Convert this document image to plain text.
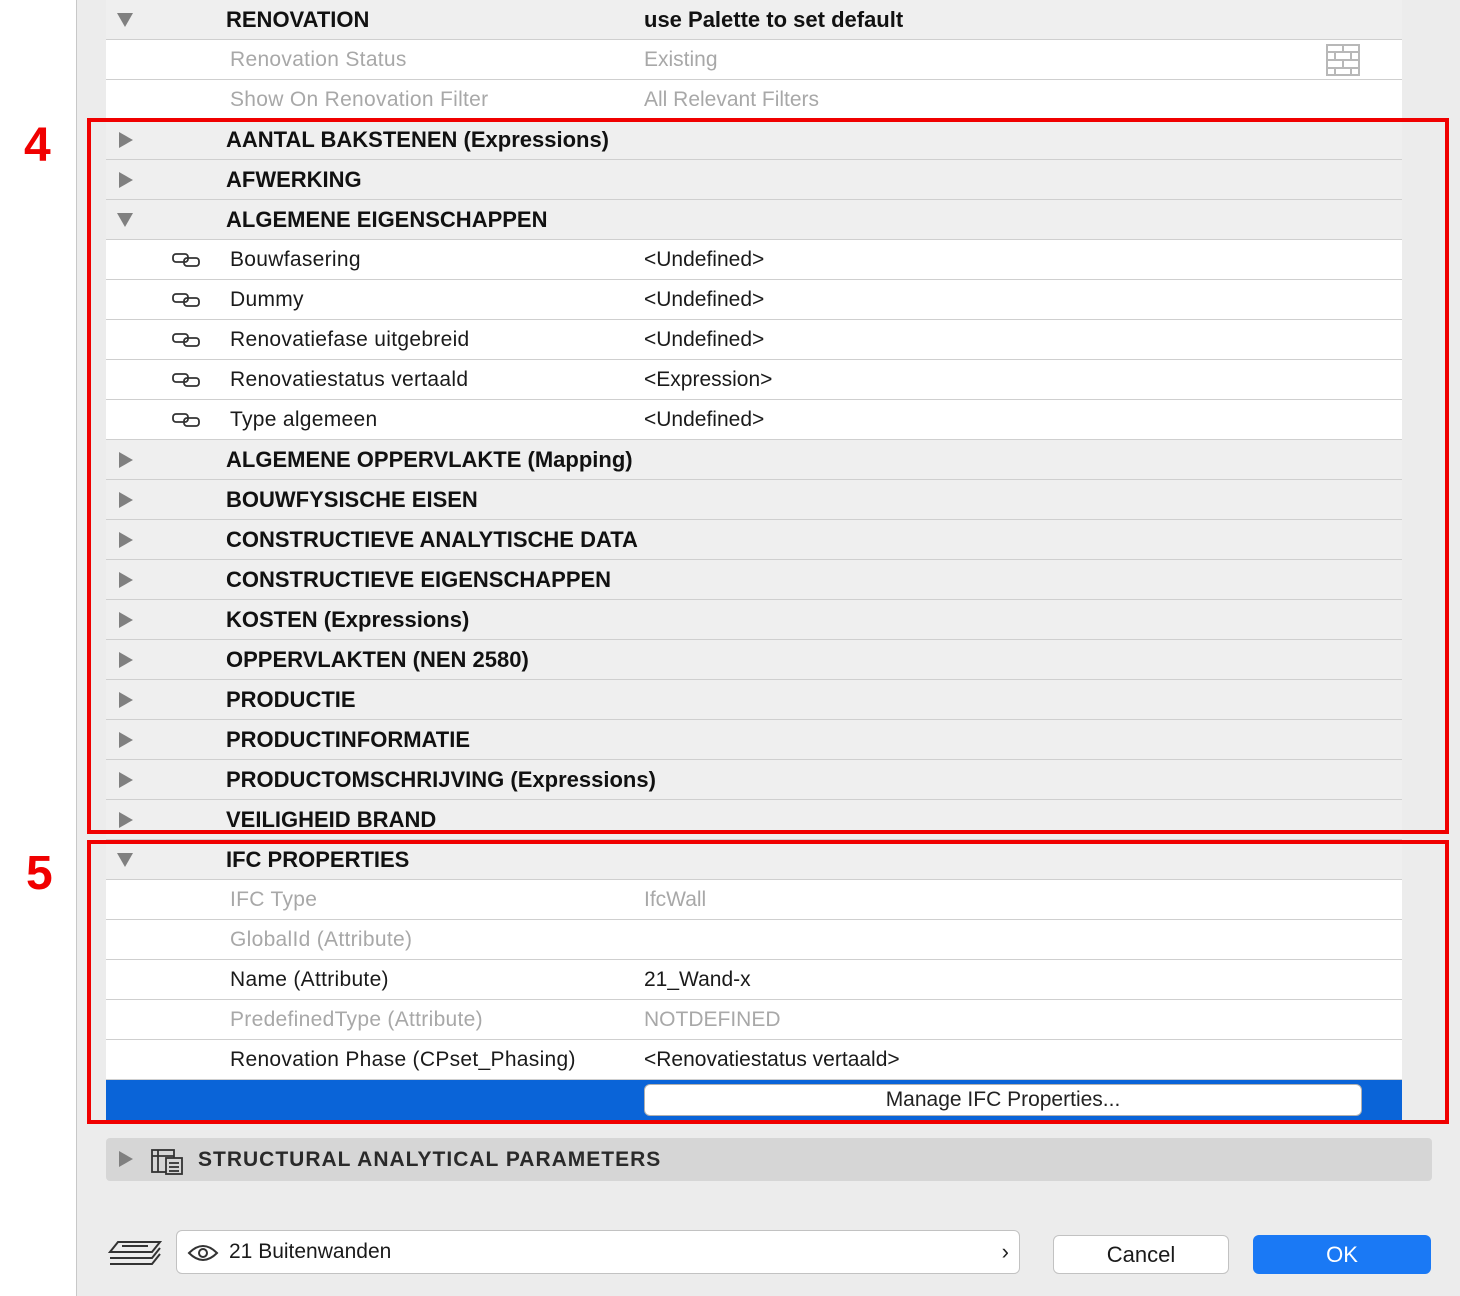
RENOVATION	use Palette to set default
Renovation Status	Existing
Show On Renovation Filter	All Relevant Filters
AANTAL BAKSTENEN (Expressions)
AFWERKING
ALGEMENE EIGENSCHAPPEN
Bouwfasering	<Undefined>
Dummy	<Undefined>
Renovatiefase uitgebreid	<Undefined>
Renovatiestatus vertaald	<Expression>
Type algemeen	<Undefined>
ALGEMENE OPPERVLAKTE (Mapping)
BOUWFYSISCHE EISEN
CONSTRUCTIEVE ANALYTISCHE DATA
CONSTRUCTIEVE EIGENSCHAPPEN
KOSTEN (Expressions)
OPPERVLAKTEN (NEN 2580)
PRODUCTIE
PRODUCTINFORMATIE
PRODUCTOMSCHRIJVING (Expressions)
VEILIGHEID BRAND
IFC PROPERTIES
IFC Type	IfcWall
GlobalId (Attribute)
Name (Attribute)	21_Wand-x
PredefinedType (Attribute)	NOTDEFINED
Renovation Phase (CPset_Phasing)	<Renovatiestatus vertaald>
Manage IFC Properties...
4
5
STRUCTURAL ANALYTICAL PARAMETERS
21 Buitenwanden	›	Cancel	OK
